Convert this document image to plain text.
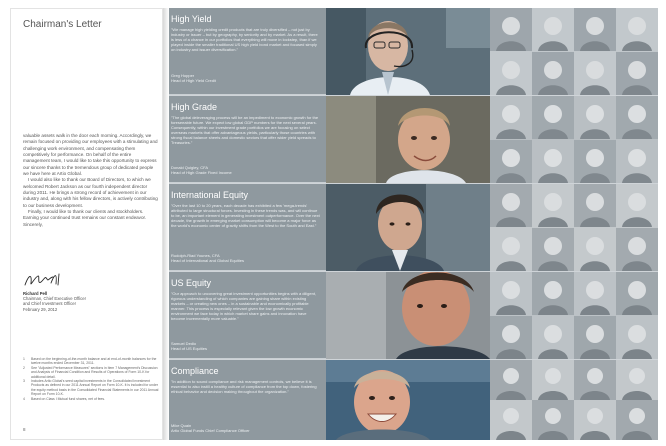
Chairman's Letter

valuable assets walk in the door each morning. Accordingly, we remain focused on providing our employees with a stimulating and challenging work environment, and compensating them competitively for performance. On behalf of the entire management team, I would like to take this opportunity to express our sincere thanks to the tremendous group of dedicated people we have here at Artio Global.

I would also like to thank our Board of Directors, to which we welcomed Robert Jackson as our fourth independent director during 2011. He brings a strong record of achievement in our industry and, along with his fellow directors, is actively contributing to our business development.

Finally, I would like to thank our clients and stockholders. Earning your continued trust remains our constant endeavor.

Sincerely,

Richard Pell
Chairman, Chief Executive Officer
and Chief Investment Officer
February 29, 2012
1	Based on the beginning-of-the-month balance and at end-of-month balances for the twelve months ended December 31, 2011.
2	See "Adjusted Performance Measures" sections in Item 7 Management's Discussion and Analysis of Financial Condition and Results of Operations of Form 10-K for additional detail.
3	Includes Artio Global's seed capital investments in the Consolidated Investment Products as defined in our 2011 Annual Report on Form 10-K. It is included for under the equity method basis in the Consolidated Financial Statements in our 2011 Annual Report on Form 10-K.
4	Based on Class I Mutual fund shares, net of fees.
8
High Yield
"We manage high yielding credit products that are truly diversified – not just by industry or issuer – but by geography, by seniority and by market. As a result, there is less of a chance in our portfolios that everything will move in lockstep, than if we played inside the smaller traditional US high yield bond market and focused simply on industry and issuer diversification."
Greg Hopper
Head of High Yield Credit
High Grade
"The global deleveraging process will be an impediment to economic growth for the foreseeable future. We expect low global GDP numbers for the next several years. Consequently, within our investment grade portfolios we are focusing on select overseas markets that offer advantageous yields, particularly those countries with strong fiscal balance sheets and domestic sectors that offer wider yield spreads to Treasuries."
Donald Quigley, CFA
Head of High Grade Fixed Income
International Equity
"Over the last 10 to 20 years, each decade has exhibited a few 'mega-trends' attributed to large structural forces. Investing in these trends was, and will continue to be, an important element in generating investment outperformance. Over the next decade, the growth in emerging market consumption will become a major force as the world's economic center of gravity shifts from the West to the South and East."
Rudolph-Riad Younes, CFA
Head of International and Global Equities
US Equity
"Our approach to uncovering great investment opportunities begins with a diligent, rigorous understanding of which companies are gaining share within existing markets – or creating new ones – in a sustainable and economically profitable manner. This process is especially relevant given the low growth economic environment we face today in which market share gains and innovation have become incrementally more valuable."
Samuel Dedio
Head of US Equities
Compliance
"In addition to sound compliance and risk management controls, we believe it is essential to also instill a healthy culture of compliance from the top down, fostering ethical behavior and decision making throughout the organization."
Mike Quain
Artio Global Funds Chief Compliance Officer
